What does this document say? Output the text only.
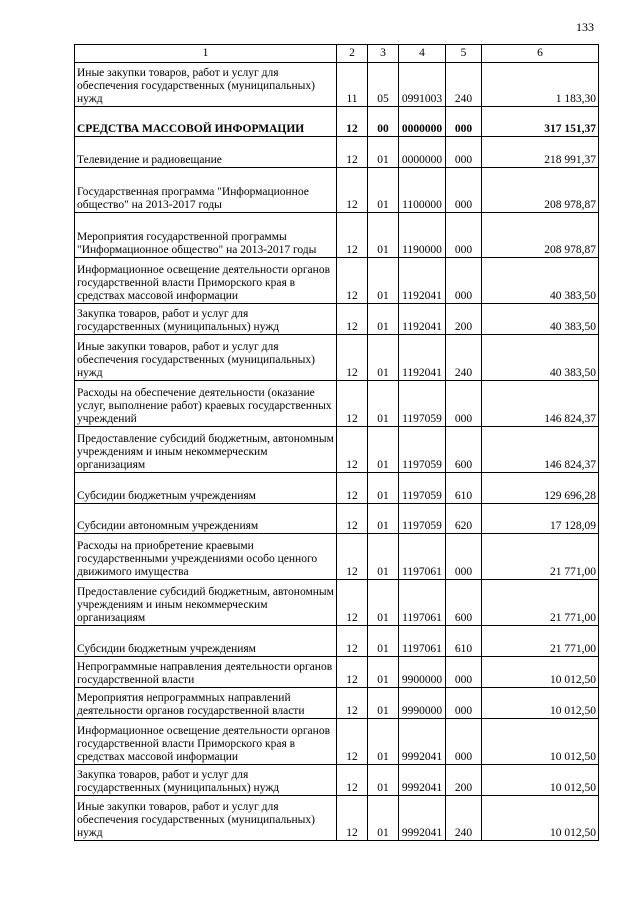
133
1	2	3	4	5	6
Иные закупки товаров, работ и услуг для обеспечения государственных (муниципальных) нужд	11	05	0991003	240	1 183,30
СРЕДСТВА МАССОВОЙ ИНФОРМАЦИИ	12	00	0000000	000	317 151,37
Телевидение и радиовещание	12	01	0000000	000	218 991,37
Государственная программа "Информационное общество" на 2013-2017 годы	12	01	1100000	000	208 978,87
Мероприятия государственной программы "Информационное общество" на 2013-2017 годы	12	01	1190000	000	208 978,87
Информационное освещение деятельности органов государственной власти Приморского края в средствах массовой информации	12	01	1192041	000	40 383,50
Закупка товаров, работ и услуг для государственных (муниципальных) нужд	12	01	1192041	200	40 383,50
Иные закупки товаров, работ и услуг для обеспечения государственных (муниципальных) нужд	12	01	1192041	240	40 383,50
Расходы на обеспечение деятельности (оказание услуг, выполнение работ) краевых государственных учреждений	12	01	1197059	000	146 824,37
Предоставление субсидий бюджетным, автономным учреждениям и иным некоммерческим организациям	12	01	1197059	600	146 824,37
Субсидии бюджетным учреждениям	12	01	1197059	610	129 696,28
Субсидии автономным учреждениям	12	01	1197059	620	17 128,09
Расходы на приобретение краевыми государственными учреждениями особо ценного движимого имущества	12	01	1197061	000	21 771,00
Предоставление субсидий бюджетным, автономным учреждениям и иным некоммерческим организациям	12	01	1197061	600	21 771,00
Субсидии бюджетным учреждениям	12	01	1197061	610	21 771,00
Непрограммные направления деятельности органов государственной власти	12	01	9900000	000	10 012,50
Мероприятия непрограммных направлений деятельности органов государственной власти	12	01	9990000	000	10 012,50
Информационное освещение деятельности органов государственной власти Приморского края в средствах массовой информации	12	01	9992041	000	10 012,50
Закупка товаров, работ и услуг для государственных (муниципальных) нужд	12	01	9992041	200	10 012,50
Иные закупки товаров, работ и услуг для обеспечения государственных (муниципальных) нужд	12	01	9992041	240	10 012,50
